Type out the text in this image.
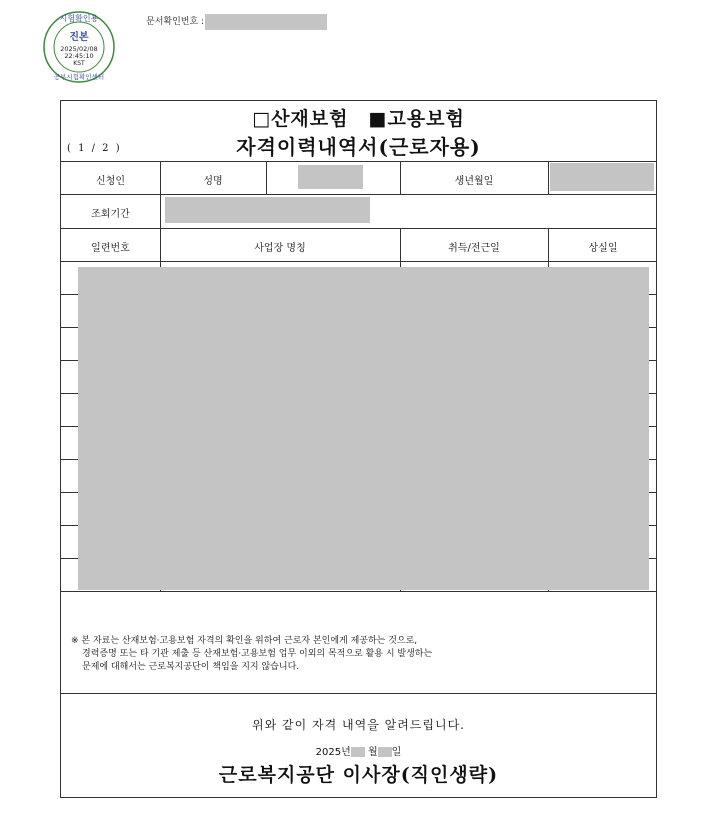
시험확인용
진본
2025/02/08
22:45:10
KST
공부시험확인센터
문서확인번호 :
□산재보험　■고용보험
자격이력내역서(근로자용)
( 1 / 2 )
신청인	성명	생년월일
조회기간
일련번호	사업장 명칭	취득/전근일	상실일
※ 본 자료는 산재보험·고용보험 자격의 확인을 위하여 근로자 본인에게 제공하는 것으로,
경력증명 또는 타 기관 제출 등 산재보험·고용보험 업무 이외의 목적으로 활용 시 발생하는
문제에 대해서는 근로복지공단이 책임을 지지 않습니다.
위와 같이 자격 내역을 알려드립니다.
2025년 월 일
근로복지공단 이사장(직인생략)
